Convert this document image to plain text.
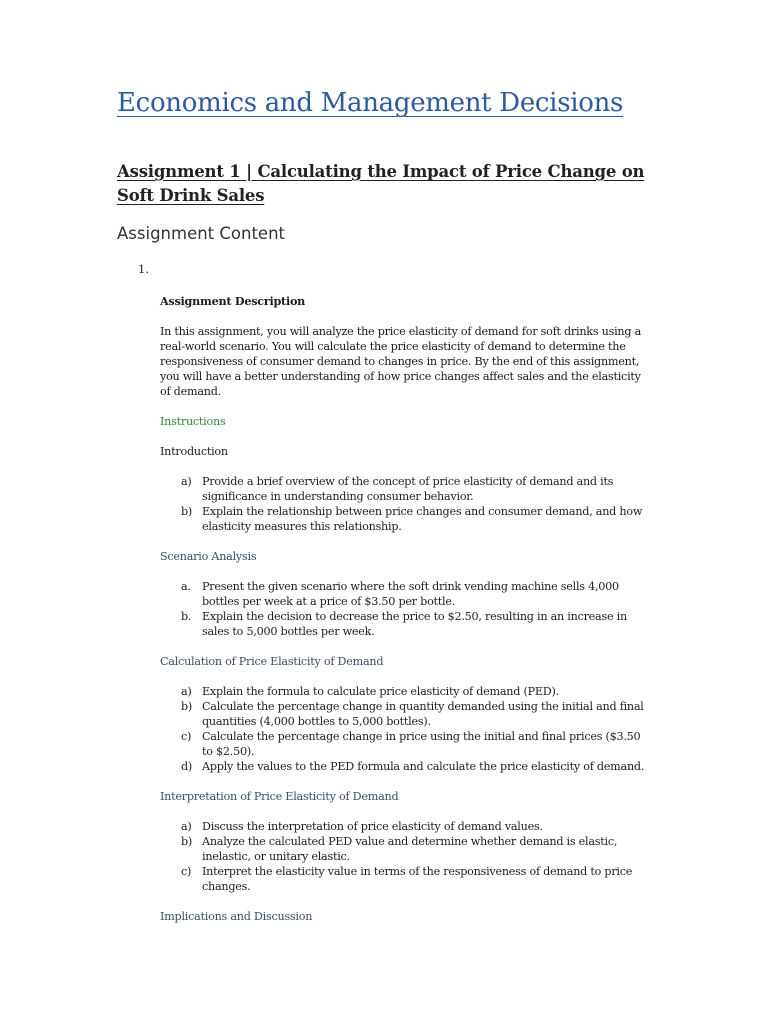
Economics and Management Decisions
Assignment 1 | Calculating the Impact of Price Change on Soft Drink Sales
Assignment Content
1.
Assignment Description
In this assignment, you will analyze the price elasticity of demand for soft drinks using a real-world scenario. You will calculate the price elasticity of demand to determine the responsiveness of consumer demand to changes in price. By the end of this assignment, you will have a better understanding of how price changes affect sales and the elasticity of demand.
Instructions
Introduction
a) Provide a brief overview of the concept of price elasticity of demand and its significance in understanding consumer behavior.
b) Explain the relationship between price changes and consumer demand, and how elasticity measures this relationship.
Scenario Analysis
a. Present the given scenario where the soft drink vending machine sells 4,000 bottles per week at a price of $3.50 per bottle.
b. Explain the decision to decrease the price to $2.50, resulting in an increase in sales to 5,000 bottles per week.
Calculation of Price Elasticity of Demand
a) Explain the formula to calculate price elasticity of demand (PED).
b) Calculate the percentage change in quantity demanded using the initial and final quantities (4,000 bottles to 5,000 bottles).
c) Calculate the percentage change in price using the initial and final prices ($3.50 to $2.50).
d) Apply the values to the PED formula and calculate the price elasticity of demand.
Interpretation of Price Elasticity of Demand
a) Discuss the interpretation of price elasticity of demand values.
b) Analyze the calculated PED value and determine whether demand is elastic, inelastic, or unitary elastic.
c) Interpret the elasticity value in terms of the responsiveness of demand to price changes.
Implications and Discussion
